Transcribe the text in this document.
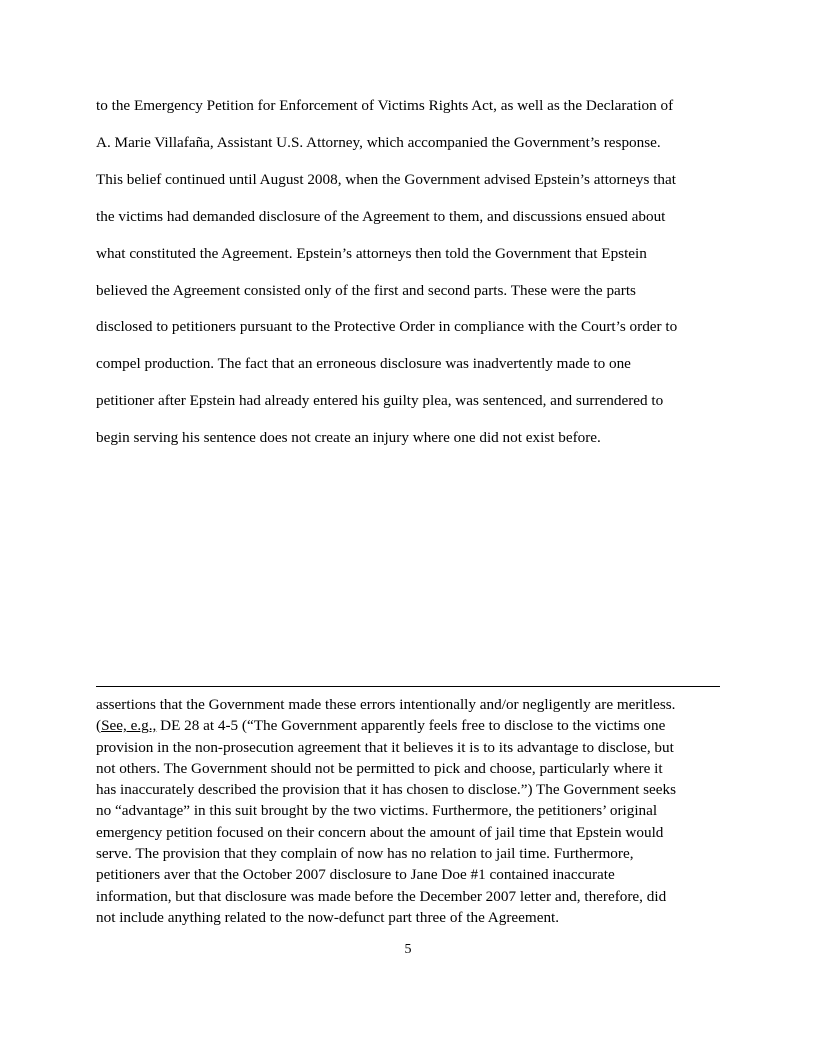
to the Emergency Petition for Enforcement of Victims Rights Act, as well as the Declaration of
A. Marie Villafaña, Assistant U.S. Attorney, which accompanied the Government’s response.
This belief continued until August 2008, when the Government advised Epstein’s attorneys that
the victims had demanded disclosure of the Agreement to them, and discussions ensued about
what constituted the Agreement. Epstein’s attorneys then told the Government that Epstein
believed the Agreement consisted only of the first and second parts. These were the parts
disclosed to petitioners pursuant to the Protective Order in compliance with the Court’s order to
compel production. The fact that an erroneous disclosure was inadvertently made to one
petitioner after Epstein had already entered his guilty plea, was sentenced, and surrendered to
begin serving his sentence does not create an injury where one did not exist before.
assertions that the Government made these errors intentionally and/or negligently are meritless.
(See, e.g., DE 28 at 4-5 (“The Government apparently feels free to disclose to the victims one
provision in the non-prosecution agreement that it believes it is to its advantage to disclose, but
not others. The Government should not be permitted to pick and choose, particularly where it
has inaccurately described the provision that it has chosen to disclose.”) The Government seeks
no “advantage” in this suit brought by the two victims. Furthermore, the petitioners’ original
emergency petition focused on their concern about the amount of jail time that Epstein would
serve. The provision that they complain of now has no relation to jail time. Furthermore,
petitioners aver that the October 2007 disclosure to Jane Doe #1 contained inaccurate
information, but that disclosure was made before the December 2007 letter and, therefore, did
not include anything related to the now-defunct part three of the Agreement.
5
